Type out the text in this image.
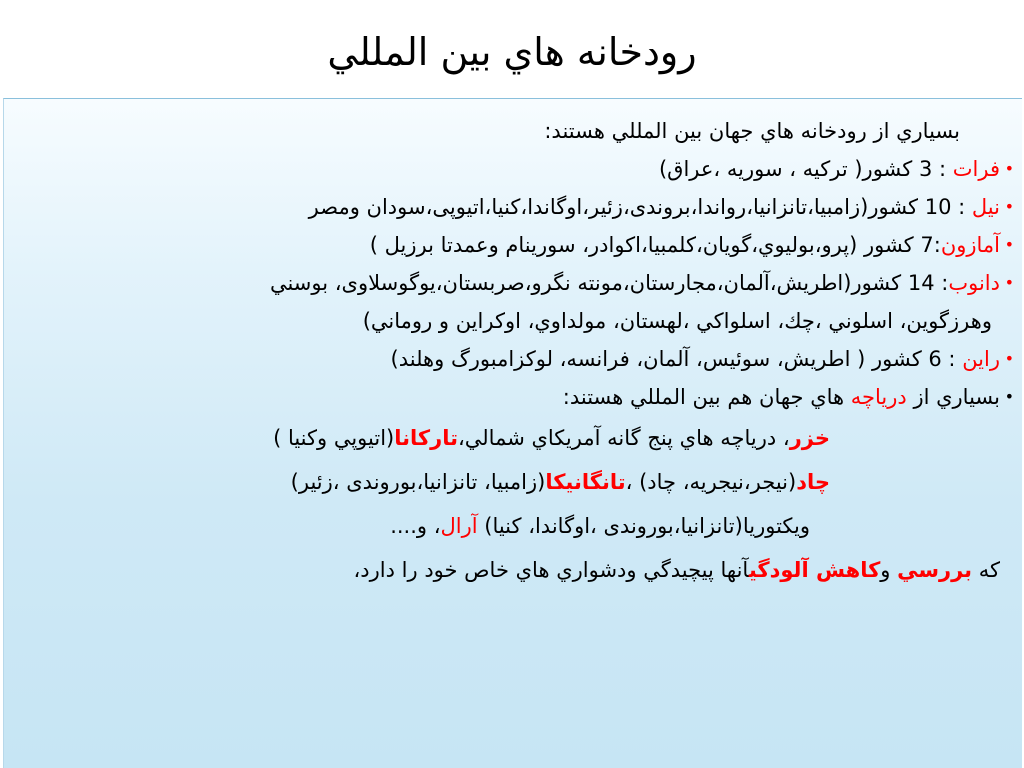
رودخانه هاي بين المللي
بسياري از رودخانه هاي جهان بين المللي هستند:
•
فرات : 3 كشور( تركيه ، سوريه ،عراق)
•
نيل : 10 كشور(زامبيا،تانزانيا،رواندا،بروندی،زئير،اوگاندا،كنيا،اتيوپی،سودان ومصر
•
آمازون:7 كشور (پرو،بوليوي،گويان،كلمبيا،اكوادر، سورينام وعمدتا برزيل )
•
دانوب: 14 كشور(اطريش،آلمان،مجارستان،مونته نگرو،صربستان،يوگوسلاوی، بوسني
وهرزگوين، اسلوني ،چك، اسلواكي ،لهستان، مولداوي، اوكراين و روماني)
•
راين : 6 كشور ( اطريش، سوئيس، آلمان، فرانسه، لوكزامبورگ وهلند)
•
بسياري از درياچه هاي جهان هم بين المللي هستند:
خزر، درياچه هاي پنج گانه آمريكاي شمالي،تاركانا(اتيوپي وكنيا )
چاد(نيجر،نيجريه، چاد) ،تانگانيكا(زامبيا، تانزانيا،بوروندی ،زئير)
ويكتوريا(تانزانيا،بوروندی ،اوگاندا، كنيا) آرال، و....
كه بررسي وكاهش آلودگيآنها پيچيدگي ودشواري هاي خاص خود را دارد،
